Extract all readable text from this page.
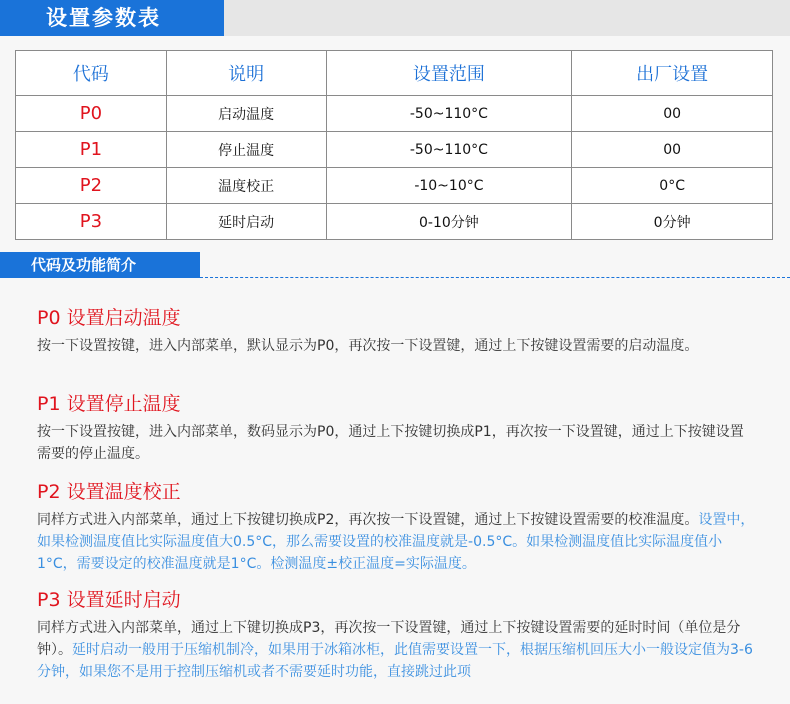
设置参数表
代码	说明	设置范围	出厂设置
P0	启动温度	-50~110°C	00
P1	停止温度	-50~110°C	00
P2	温度校正	-10~10°C	0°C
P3	延时启动	0-10分钟	0分钟
代码及功能简介
P0 设置启动温度

按一下设置按键，进入内部菜单，默认显示为P0，再次按一下设置键，通过上下按键设置需要的启动温度。

P1 设置停止温度

按一下设置按键，进入内部菜单，数码显示为P0，通过上下按键切换成P1，再次按一下设置键，通过上下按键设置需要的停止温度。

P2 设置温度校正

同样方式进入内部菜单，通过上下按键切换成P2，再次按一下设置键，通过上下按键设置需要的校准温度。设置中，如果检测温度值比实际温度值大0.5°C，那么需要设置的校准温度就是-0.5°C。如果检测温度值比实际温度值小1°C，需要设定的校准温度就是1°C。检测温度±校正温度=实际温度。

P3 设置延时启动

同样方式进入内部菜单，通过上下键切换成P3，再次按一下设置键，通过上下按键设置需要的延时时间（单位是分钟）。延时启动一般用于压缩机制冷，如果用于冰箱冰柜，此值需要设置一下，根据压缩机回压大小一般设定值为3-6分钟，如果您不是用于控制压缩机或者不需要延时功能，直接跳过此项
